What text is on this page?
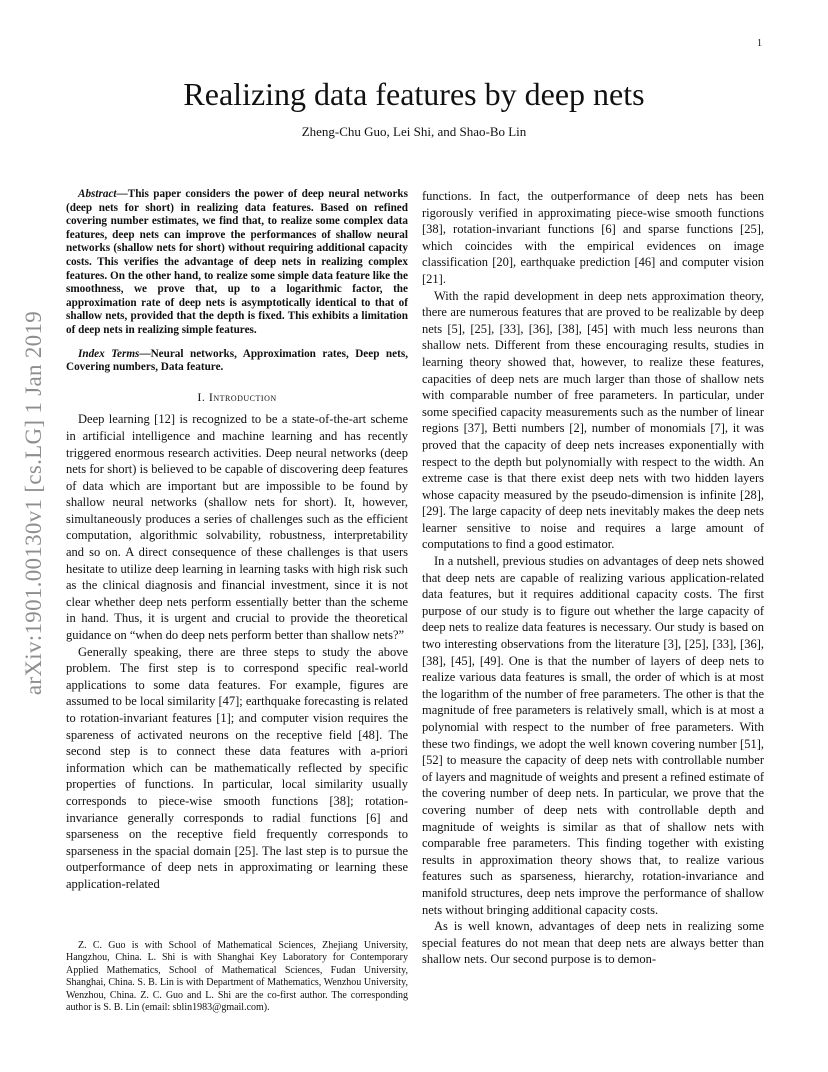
1
arXiv:1901.00130v1 [cs.LG] 1 Jan 2019
Realizing data features by deep nets
Zheng-Chu Guo, Lei Shi, and Shao-Bo Lin

Abstract—This paper considers the power of deep neural networks (deep nets for short) in realizing data features. Based on refined covering number estimates, we find that, to realize some complex data features, deep nets can improve the performances of shallow neural networks (shallow nets for short) without requiring additional capacity costs. This verifies the advantage of deep nets in realizing complex features. On the other hand, to realize some simple data feature like the smoothness, we prove that, up to a logarithmic factor, the approximation rate of deep nets is asymptotically identical to that of shallow nets, provided that the depth is fixed. This exhibits a limitation of deep nets in realizing simple features.

Index Terms—Neural networks, Approximation rates, Deep nets, Covering numbers, Data feature.

I. Introduction

Deep learning [12] is recognized to be a state-of-the-art scheme in artificial intelligence and machine learning and has recently triggered enormous research activities. Deep neural networks (deep nets for short) is believed to be capable of discovering deep features of data which are important but are impossible to be found by shallow neural networks (shallow nets for short). It, however, simultaneously produces a series of challenges such as the efficient computation, algorithmic solvability, robustness, interpretability and so on. A direct consequence of these challenges is that users hesitate to utilize deep learning in learning tasks with high risk such as the clinical diagnosis and financial investment, since it is not clear whether deep nets perform essentially better than the scheme in hand. Thus, it is urgent and crucial to provide the theoretical guidance on “when do deep nets perform better than shallow nets?”

Generally speaking, there are three steps to study the above problem. The first step is to correspond specific real-world applications to some data features. For example, figures are assumed to be local similarity [47]; earthquake forecasting is related to rotation-invariant features [1]; and computer vision requires the spareness of activated neurons on the receptive field [48]. The second step is to connect these data features with a-priori information which can be mathematically reflected by specific properties of functions. In particular, local similarity usually corresponds to piece-wise smooth functions [38]; rotation-invariance generally corresponds to radial functions [6] and sparseness on the receptive field frequently corresponds to sparseness in the spacial domain [25]. The last step is to pursue the outperformance of deep nets in approximating or learning these application-related

functions. In fact, the outperformance of deep nets has been rigorously verified in approximating piece-wise smooth functions [38], rotation-invariant functions [6] and sparse functions [25], which coincides with the empirical evidences on image classification [20], earthquake prediction [46] and computer vision [21].

With the rapid development in deep nets approximation theory, there are numerous features that are proved to be realizable by deep nets [5], [25], [33], [36], [38], [45] with much less neurons than shallow nets. Different from these encouraging results, studies in learning theory showed that, however, to realize these features, capacities of deep nets are much larger than those of shallow nets with comparable number of free parameters. In particular, under some specified capacity measurements such as the number of linear regions [37], Betti numbers [2], number of monomials [7], it was proved that the capacity of deep nets increases exponentially with respect to the depth but polynomially with respect to the width. An extreme case is that there exist deep nets with two hidden layers whose capacity measured by the pseudo-dimension is infinite [28], [29]. The large capacity of deep nets inevitably makes the deep nets learner sensitive to noise and requires a large amount of computations to find a good estimator.

In a nutshell, previous studies on advantages of deep nets showed that deep nets are capable of realizing various application-related data features, but it requires additional capacity costs. The first purpose of our study is to figure out whether the large capacity of deep nets to realize data features is necessary. Our study is based on two interesting observations from the literature [3], [25], [33], [36], [38], [45], [49]. One is that the number of layers of deep nets to realize various data features is small, the order of which is at most the logarithm of the number of free parameters. The other is that the magnitude of free parameters is relatively small, which is at most a polynomial with respect to the number of free parameters. With these two findings, we adopt the well known covering number [51], [52] to measure the capacity of deep nets with controllable number of layers and magnitude of weights and present a refined estimate of the covering number of deep nets. In particular, we prove that the covering number of deep nets with controllable depth and magnitude of weights is similar as that of shallow nets with comparable free parameters. This finding together with existing results in approximation theory shows that, to realize various features such as sparseness, hierarchy, rotation-invariance and manifold structures, deep nets improve the performance of shallow nets without bringing additional capacity costs.

As is well known, advantages of deep nets in realizing some special features do not mean that deep nets are always better than shallow nets. Our second purpose is to demon-

Z. C. Guo is with School of Mathematical Sciences, Zhejiang University, Hangzhou, China. L. Shi is with Shanghai Key Laboratory for Contemporary Applied Mathematics, School of Mathematical Sciences, Fudan University, Shanghai, China. S. B. Lin is with Department of Mathematics, Wenzhou University, Wenzhou, China. Z. C. Guo and L. Shi are the co-first author. The corresponding author is S. B. Lin (email: sblin1983@gmail.com).
